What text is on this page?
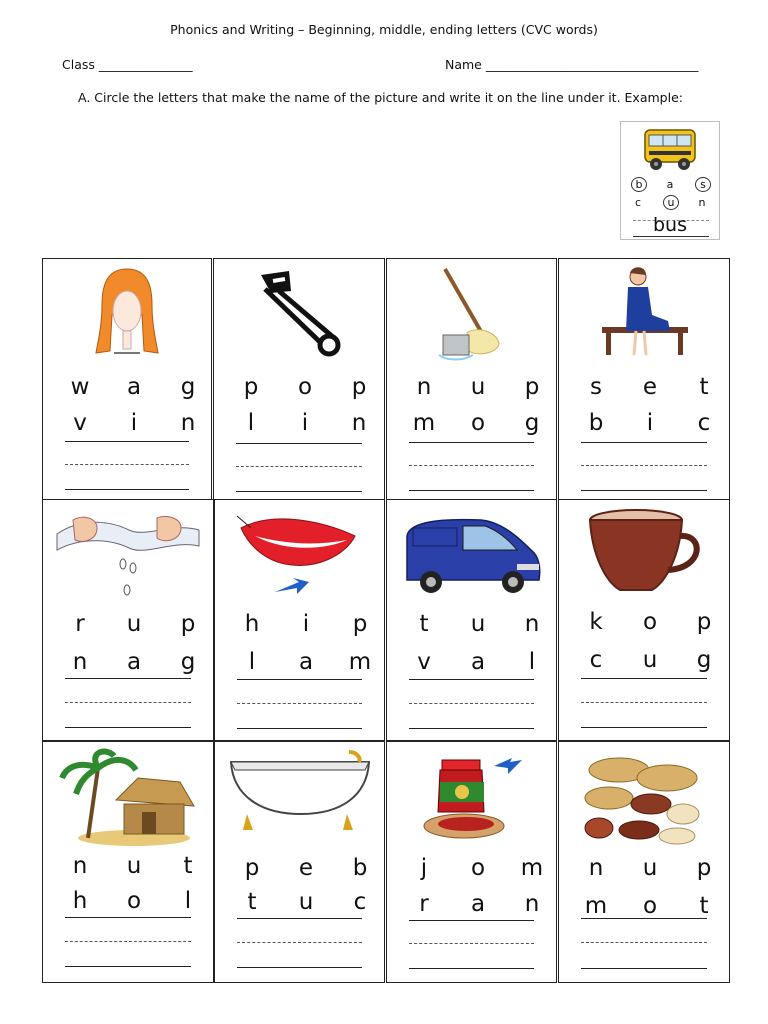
Phonics and Writing – Beginning, middle, ending letters (CVC words)
Class _______________	Name __________________________________
A. Circle the letters that make the name of the picture and write it on the line under it. Example:
b	a	s
c	u	n
bus
w	a	g
v	i	n
p	o	p
l	i	n
n	u	p
m	o	g
s	e	t
b	i	c
r	u	p
n	a	g
h	i	p
l	a	m
t	u	n
v	a	l
k	o	p
c	u	g
n	u	t
h	o	l
p	e	b
t	u	c
j	o	m
r	a	n
n	u	p
m	o	t
